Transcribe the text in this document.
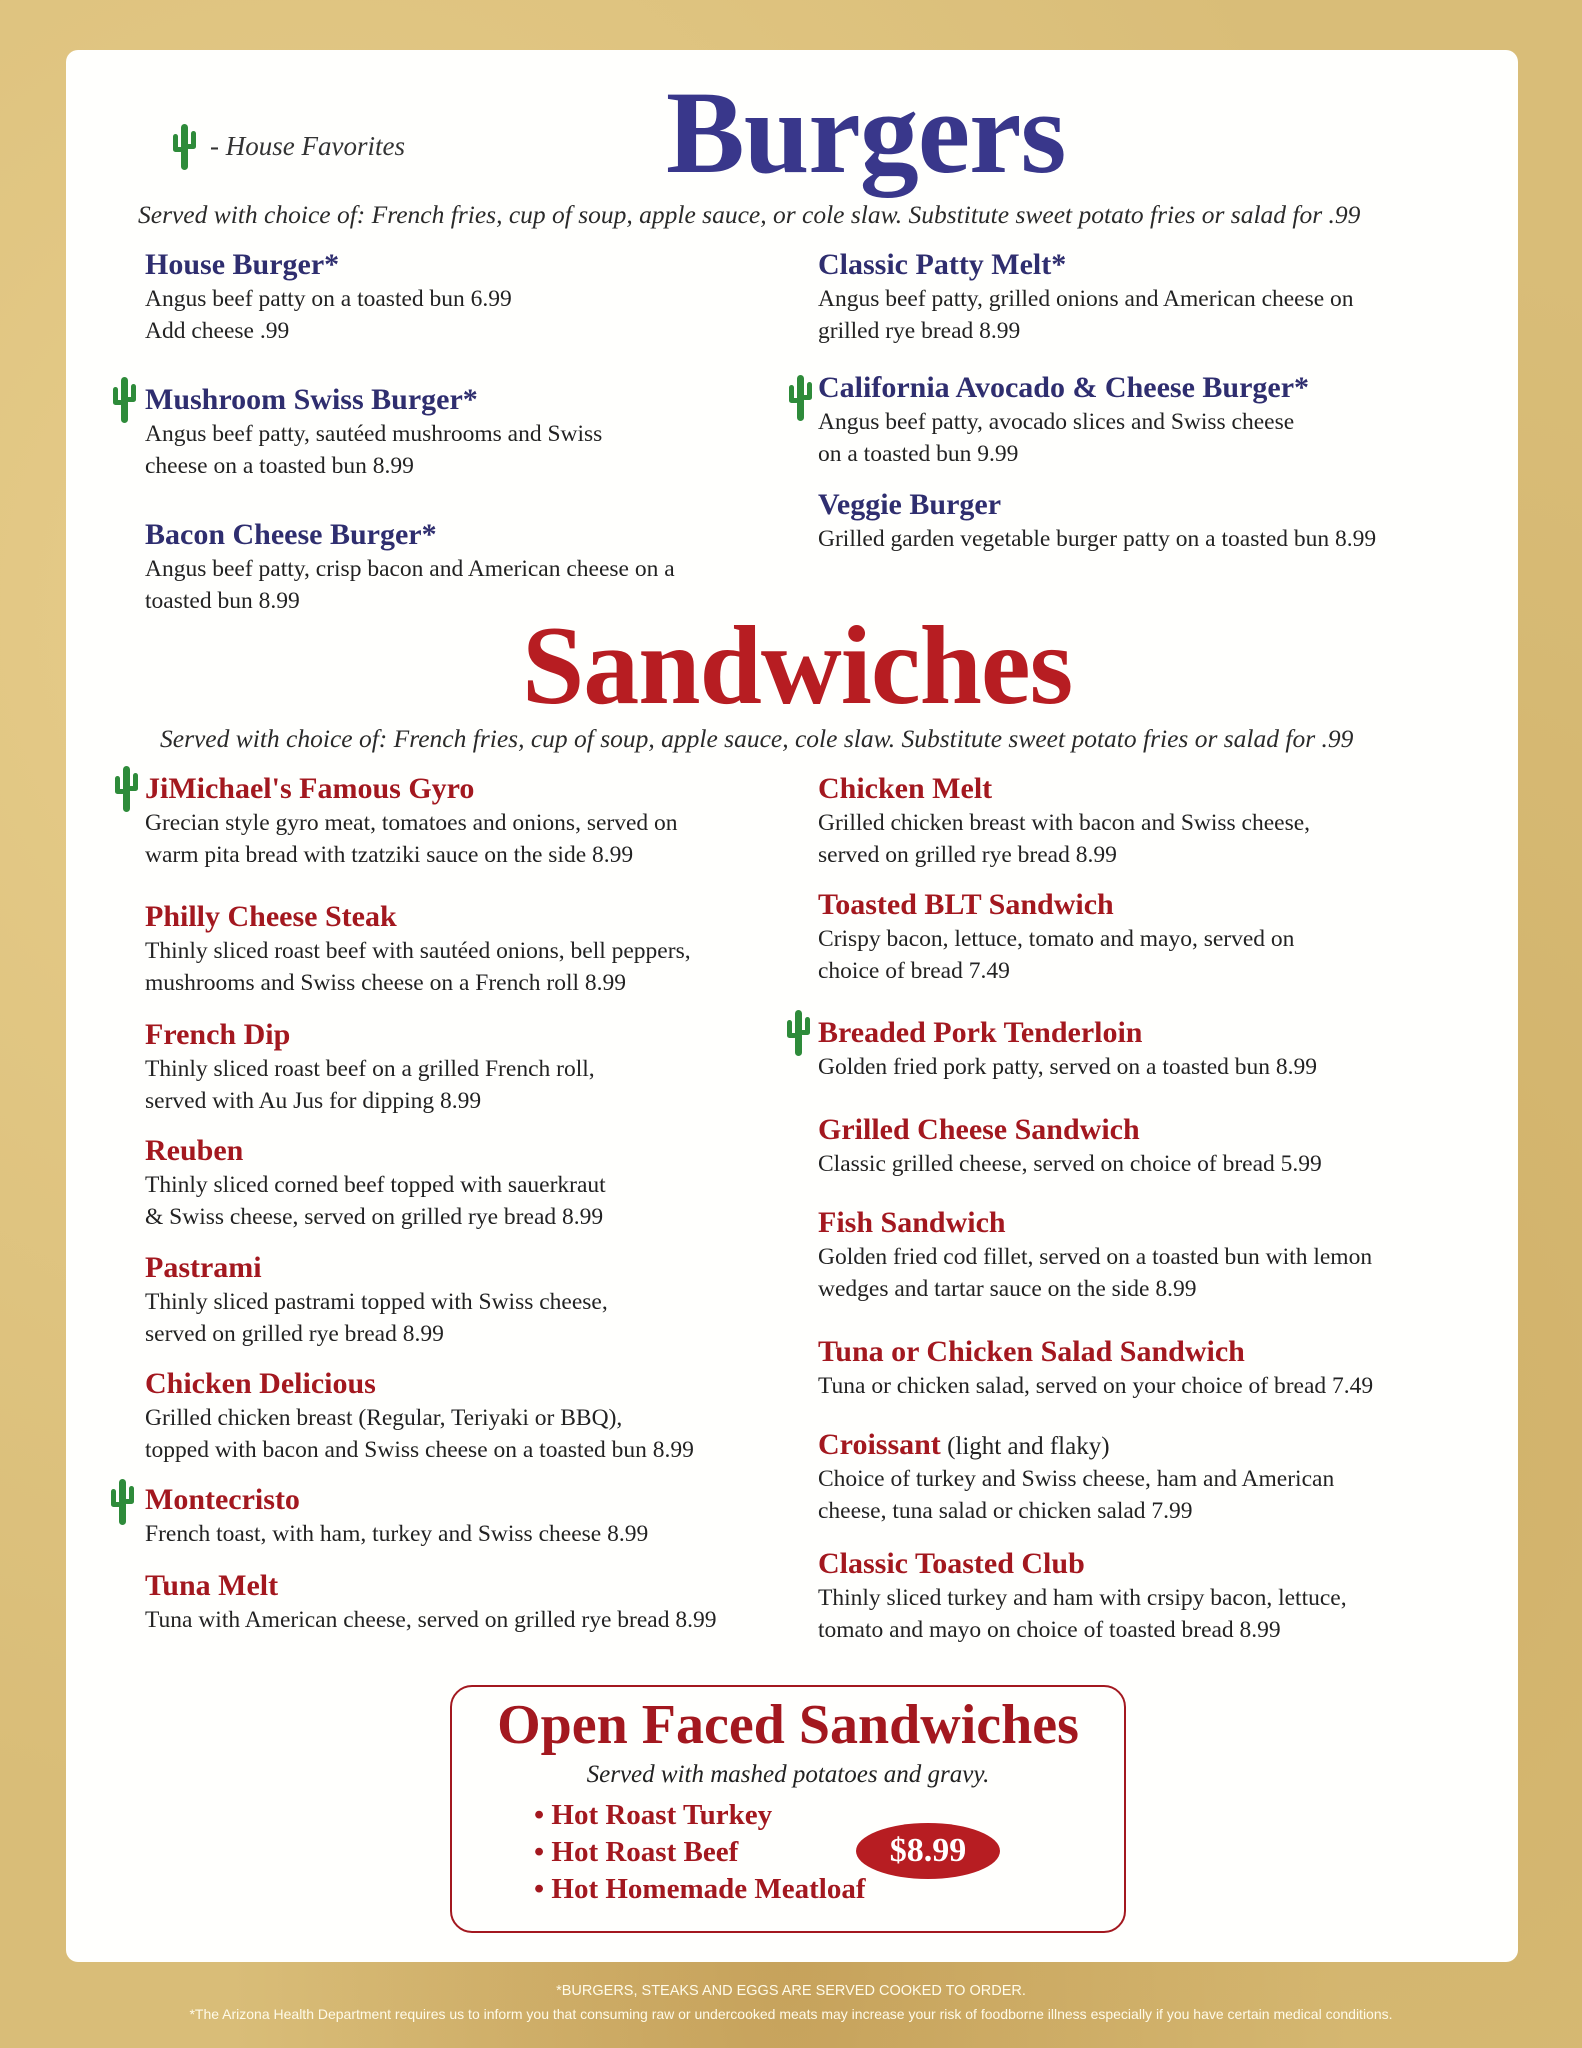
- House Favorites Burgers
Served with choice of: French fries, cup of soup, apple sauce, or cole slaw. Substitute sweet potato fries or salad for .99
House Burger*
Angus beef patty on a toasted bun 6.99
Add cheese .99
Mushroom Swiss Burger*
Angus beef patty, sautéed mushrooms and Swiss
cheese on a toasted bun 8.99
Bacon Cheese Burger*
Angus beef patty, crisp bacon and American cheese on a
toasted bun 8.99
Classic Patty Melt*
Angus beef patty, grilled onions and American cheese on
grilled rye bread 8.99
California Avocado & Cheese Burger*
Angus beef patty, avocado slices and Swiss cheese
on a toasted bun 9.99
Veggie Burger
Grilled garden vegetable burger patty on a toasted bun 8.99
Sandwiches
Served with choice of: French fries, cup of soup, apple sauce, cole slaw. Substitute sweet potato fries or salad for .99
JiMichael's Famous Gyro
Grecian style gyro meat, tomatoes and onions, served on
warm pita bread with tzatziki sauce on the side 8.99
Philly Cheese Steak
Thinly sliced roast beef with sautéed onions, bell peppers,
mushrooms and Swiss cheese on a French roll 8.99
French Dip
Thinly sliced roast beef on a grilled French roll,
served with Au Jus for dipping 8.99
Reuben
Thinly sliced corned beef topped with sauerkraut
& Swiss cheese, served on grilled rye bread 8.99
Pastrami
Thinly sliced pastrami topped with Swiss cheese,
served on grilled rye bread 8.99
Chicken Delicious
Grilled chicken breast (Regular, Teriyaki or BBQ),
topped with bacon and Swiss cheese on a toasted bun 8.99
Montecristo
French toast, with ham, turkey and Swiss cheese 8.99
Tuna Melt
Tuna with American cheese, served on grilled rye bread 8.99
Chicken Melt
Grilled chicken breast with bacon and Swiss cheese,
served on grilled rye bread 8.99
Toasted BLT Sandwich
Crispy bacon, lettuce, tomato and mayo, served on
choice of bread 7.49
Breaded Pork Tenderloin
Golden fried pork patty, served on a toasted bun 8.99
Grilled Cheese Sandwich
Classic grilled cheese, served on choice of bread 5.99
Fish Sandwich
Golden fried cod fillet, served on a toasted bun with lemon
wedges and tartar sauce on the side 8.99
Tuna or Chicken Salad Sandwich
Tuna or chicken salad, served on your choice of bread 7.49
Croissant (light and flaky)
Choice of turkey and Swiss cheese, ham and American
cheese, tuna salad or chicken salad 7.99
Classic Toasted Club
Thinly sliced turkey and ham with crsipy bacon, lettuce,
tomato and mayo on choice of toasted bread 8.99
Open Faced Sandwiches
Served with mashed potatoes and gravy.
• Hot Roast Turkey
• Hot Roast Beef
• Hot Homemade Meatloaf
$8.99
*BURGERS, STEAKS AND EGGS ARE SERVED COOKED TO ORDER.
*The Arizona Health Department requires us to inform you that consuming raw or undercooked meats may increase your risk of foodborne illness especially if you have certain medical conditions.
